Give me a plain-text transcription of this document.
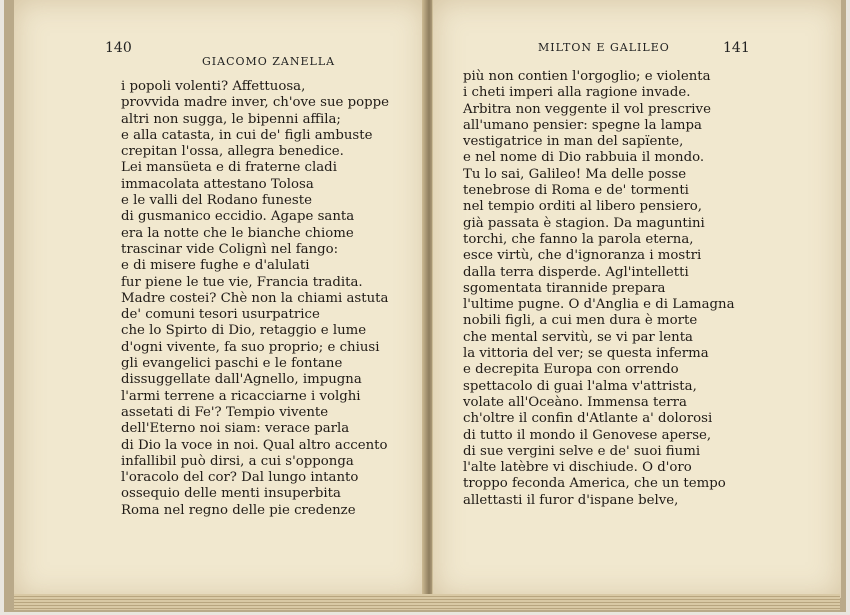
140
GIACOMO ZANELLA
i popoli volenti? Affettuosa,
provvida madre inver, ch'ove sue poppe
altri non sugga, le bipenni affila;
e alla catasta, in cui de' figli ambuste
crepitan l'ossa, allegra benedice.
Lei mansüeta e di fraterne cladi
immacolata attestano Tolosa
e le valli del Rodano funeste
di gusmanico eccidio. Agape santa
era la notte che le bianche chiome
trascinar vide Colignì nel fango:
e di misere fughe e d'alulati
fur piene le tue vie, Francia tradita.
Madre costei? Chè non la chiami astuta
de' comuni tesori usurpatrice
che lo Spirto di Dio, retaggio e lume
d'ogni vivente, fa suo proprio; e chiusi
gli evangelici paschi e le fontane
dissuggellate dall'Agnello, impugna
l'armi terrene a ricacciarne i volghi
assetati di Fe'? Tempio vivente
dell'Eterno noi siam: verace parla
di Dio la voce in noi. Qual altro accento
infallibil può dirsi, a cui s'opponga
l'oracolo del cor? Dal lungo intanto
ossequio delle menti insuperbita
Roma nel regno delle pie credenze
MILTON E GALILEO	141
più non contien l'orgoglio; e violenta
i cheti imperi alla ragione invade.
Arbitra non veggente il vol prescrive
all'umano pensier: spegne la lampa
vestigatrice in man del sapïente,
e nel nome di Dio rabbuia il mondo.
Tu lo sai, Galileo! Ma delle posse
tenebrose di Roma e de' tormenti
nel tempio orditi al libero pensiero,
già passata è stagion. Da maguntini
torchi, che fanno la parola eterna,
esce virtù, che d'ignoranza i mostri
dalla terra disperde. Agl'intelletti
sgomentata tirannide prepara
l'ultime pugne. O d'Anglia e di Lamagna
nobili figli, a cui men dura è morte
che mental servitù, se vi par lenta
la vittoria del ver; se questa inferma
e decrepita Europa con orrendo
spettacolo di guai l'alma v'attrista,
volate all'Oceàno. Immensa terra
ch'oltre il confin d'Atlante a' dolorosi
di tutto il mondo il Genovese aperse,
di sue vergini selve e de' suoi fiumi
l'alte latèbre vi dischiude. O d'oro
troppo feconda America, che un tempo
allettasti il furor d'ispane belve,
